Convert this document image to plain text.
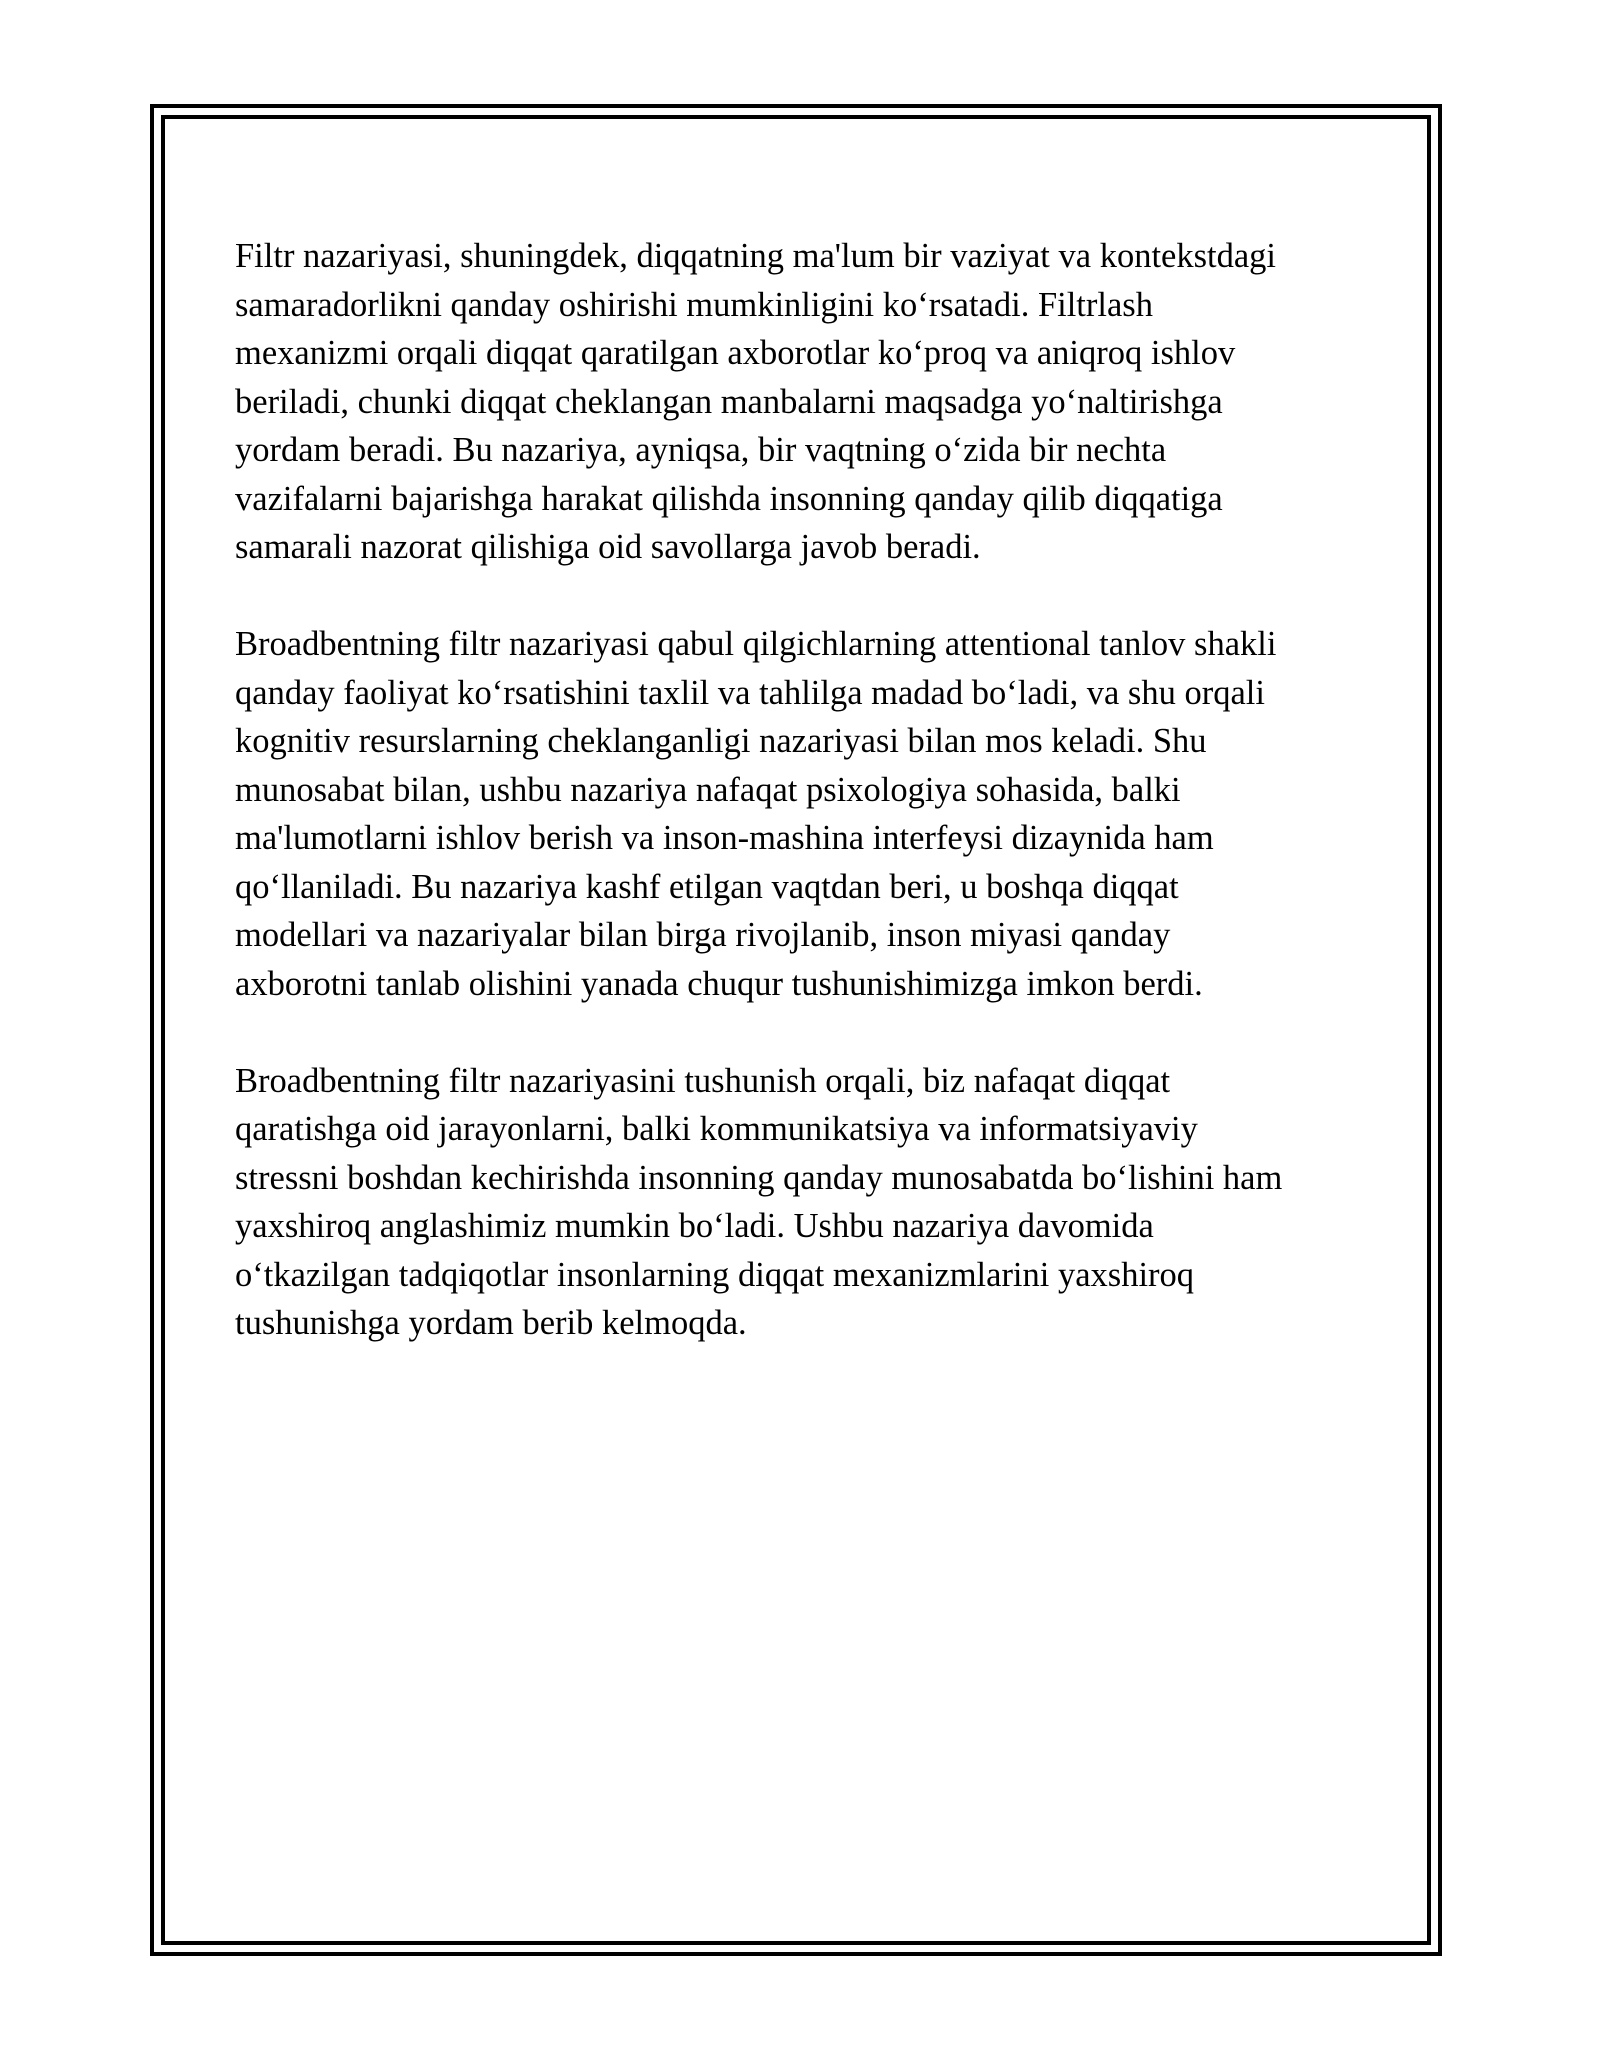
Filtr nazariyasi, shuningdek, diqqatning ma'lum bir vaziyat va kontekstdagi
samaradorlikni qanday oshirishi mumkinligini ko‘rsatadi. Filtrlash
mexanizmi orqali diqqat qaratilgan axborotlar ko‘proq va aniqroq ishlov
beriladi, chunki diqqat cheklangan manbalarni maqsadga yo‘naltirishga
yordam beradi. Bu nazariya, ayniqsa, bir vaqtning o‘zida bir nechta
vazifalarni bajarishga harakat qilishda insonning qanday qilib diqqatiga
samarali nazorat qilishiga oid savollarga javob beradi.

Broadbentning filtr nazariyasi qabul qilgichlarning attentional tanlov shakli
qanday faoliyat ko‘rsatishini taxlil va tahlilga madad bo‘ladi, va shu orqali
kognitiv resurslarning cheklanganligi nazariyasi bilan mos keladi. Shu
munosabat bilan, ushbu nazariya nafaqat psixologiya sohasida, balki
ma'lumotlarni ishlov berish va inson-mashina interfeysi dizaynida ham
qo‘llaniladi. Bu nazariya kashf etilgan vaqtdan beri, u boshqa diqqat
modellari va nazariyalar bilan birga rivojlanib, inson miyasi qanday
axborotni tanlab olishini yanada chuqur tushunishimizga imkon berdi.

Broadbentning filtr nazariyasini tushunish orqali, biz nafaqat diqqat
qaratishga oid jarayonlarni, balki kommunikatsiya va informatsiyaviy
stressni boshdan kechirishda insonning qanday munosabatda bo‘lishini ham
yaxshiroq anglashimiz mumkin bo‘ladi. Ushbu nazariya davomida
o‘tkazilgan tadqiqotlar insonlarning diqqat mexanizmlarini yaxshiroq
tushunishga yordam berib kelmoqda.
